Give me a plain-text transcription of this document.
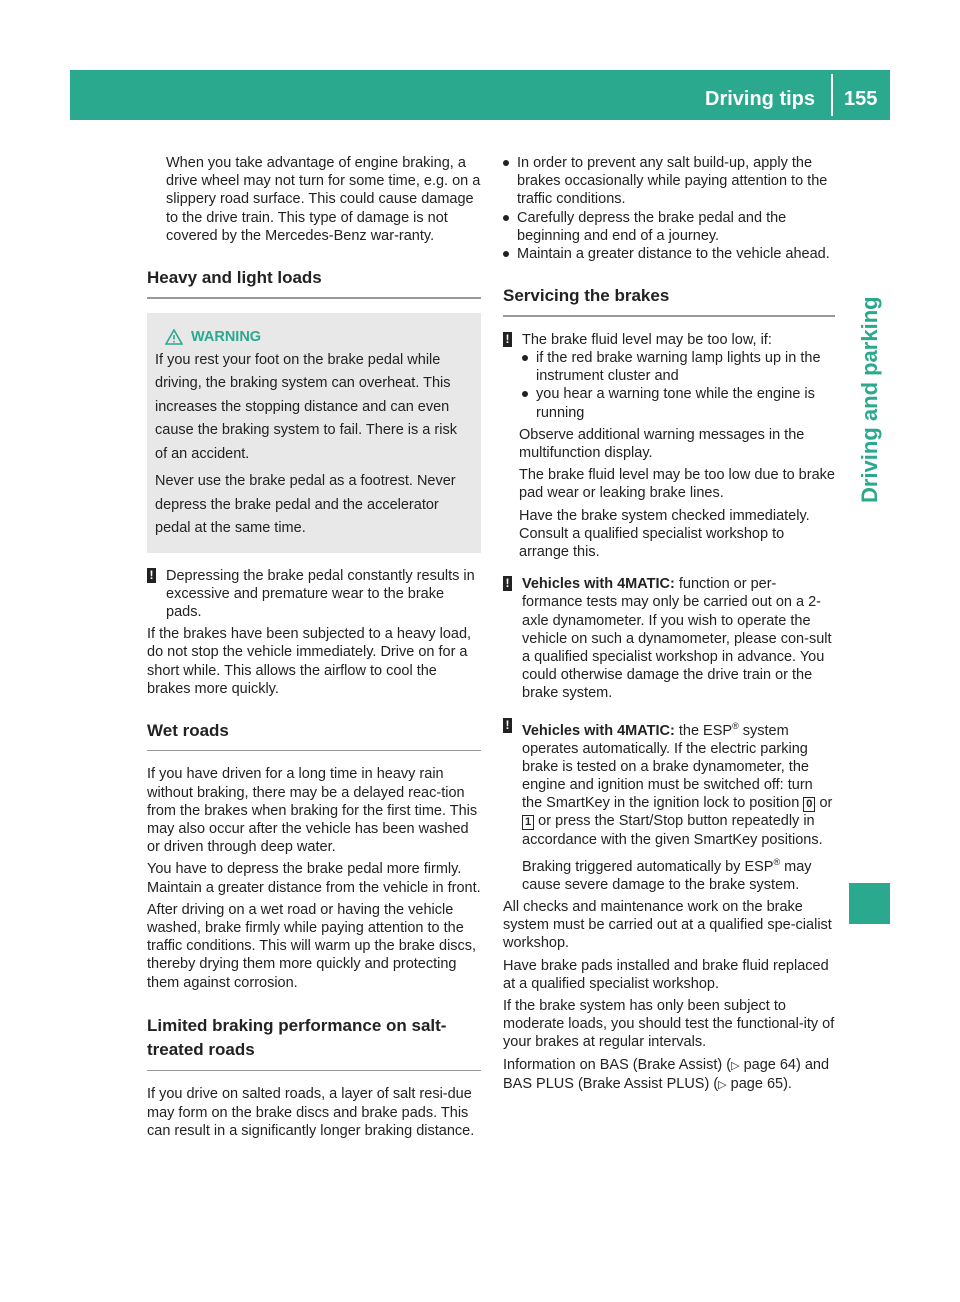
Driving tips 155
Driving and parking

When you take advantage of engine braking, a drive wheel may not turn for some time, e.g. on a slippery road surface. This could cause damage to the drive train. This type of damage is not covered by the Mercedes-Benz war-ranty.

Heavy and light loads
WARNING

If you rest your foot on the brake pedal while driving, the braking system can overheat. This increases the stopping distance and can even cause the braking system to fail. There is a risk of an accident.

Never use the brake pedal as a footrest. Never depress the brake pedal and the accelerator pedal at the same time.

! Depressing the brake pedal constantly results in excessive and premature wear to the brake pads.

If the brakes have been subjected to a heavy load, do not stop the vehicle immediately. Drive on for a short while. This allows the airflow to cool the brakes more quickly.

Wet roads

If you have driven for a long time in heavy rain without braking, there may be a delayed reac-tion from the brakes when braking for the first time. This may also occur after the vehicle has been washed or driven through deep water.

You have to depress the brake pedal more firmly. Maintain a greater distance from the vehicle in front.

After driving on a wet road or having the vehicle washed, brake firmly while paying attention to the traffic conditions. This will warm up the brake discs, thereby drying them more quickly and protecting them against corrosion.

Limited braking performance on salt-treated roads

If you drive on salted roads, a layer of salt resi-due may form on the brake discs and brake pads. This can result in a significantly longer braking distance.

In order to prevent any salt build-up, apply the brakes occasionally while paying attention to the traffic conditions.

Carefully depress the brake pedal and the beginning and end of a journey.

Maintain a greater distance to the vehicle ahead.

Servicing the brakes
! The brake fluid level may be too low, if:

if the red brake warning lamp lights up in the instrument cluster and

you hear a warning tone while the engine is running

Observe additional warning messages in the multifunction display.

The brake fluid level may be too low due to brake pad wear or leaking brake lines.

Have the brake system checked immediately. Consult a qualified specialist workshop to arrange this.

! Vehicles with 4MATIC: function or per-formance tests may only be carried out on a 2-axle dynamometer. If you wish to operate the vehicle on such a dynamometer, please con-sult a qualified specialist workshop in advance. You could otherwise damage the drive train or the brake system.

! Vehicles with 4MATIC: the ESP® system operates automatically. If the electric parking brake is tested on a brake dynamometer, the engine and ignition must be switched off: turn the SmartKey in the ignition lock to position 0 or 1 or press the Start/Stop button repeatedly in accordance with the given SmartKey positions.

Braking triggered automatically by ESP® may cause severe damage to the brake system.

All checks and maintenance work on the brake system must be carried out at a qualified spe-cialist workshop.

Have brake pads installed and brake fluid replaced at a qualified specialist workshop.

If the brake system has only been subject to moderate loads, you should test the functional-ity of your brakes at regular intervals.

Information on BAS (Brake Assist) (▷ page 64) and BAS PLUS (Brake Assist PLUS) (▷ page 65).
